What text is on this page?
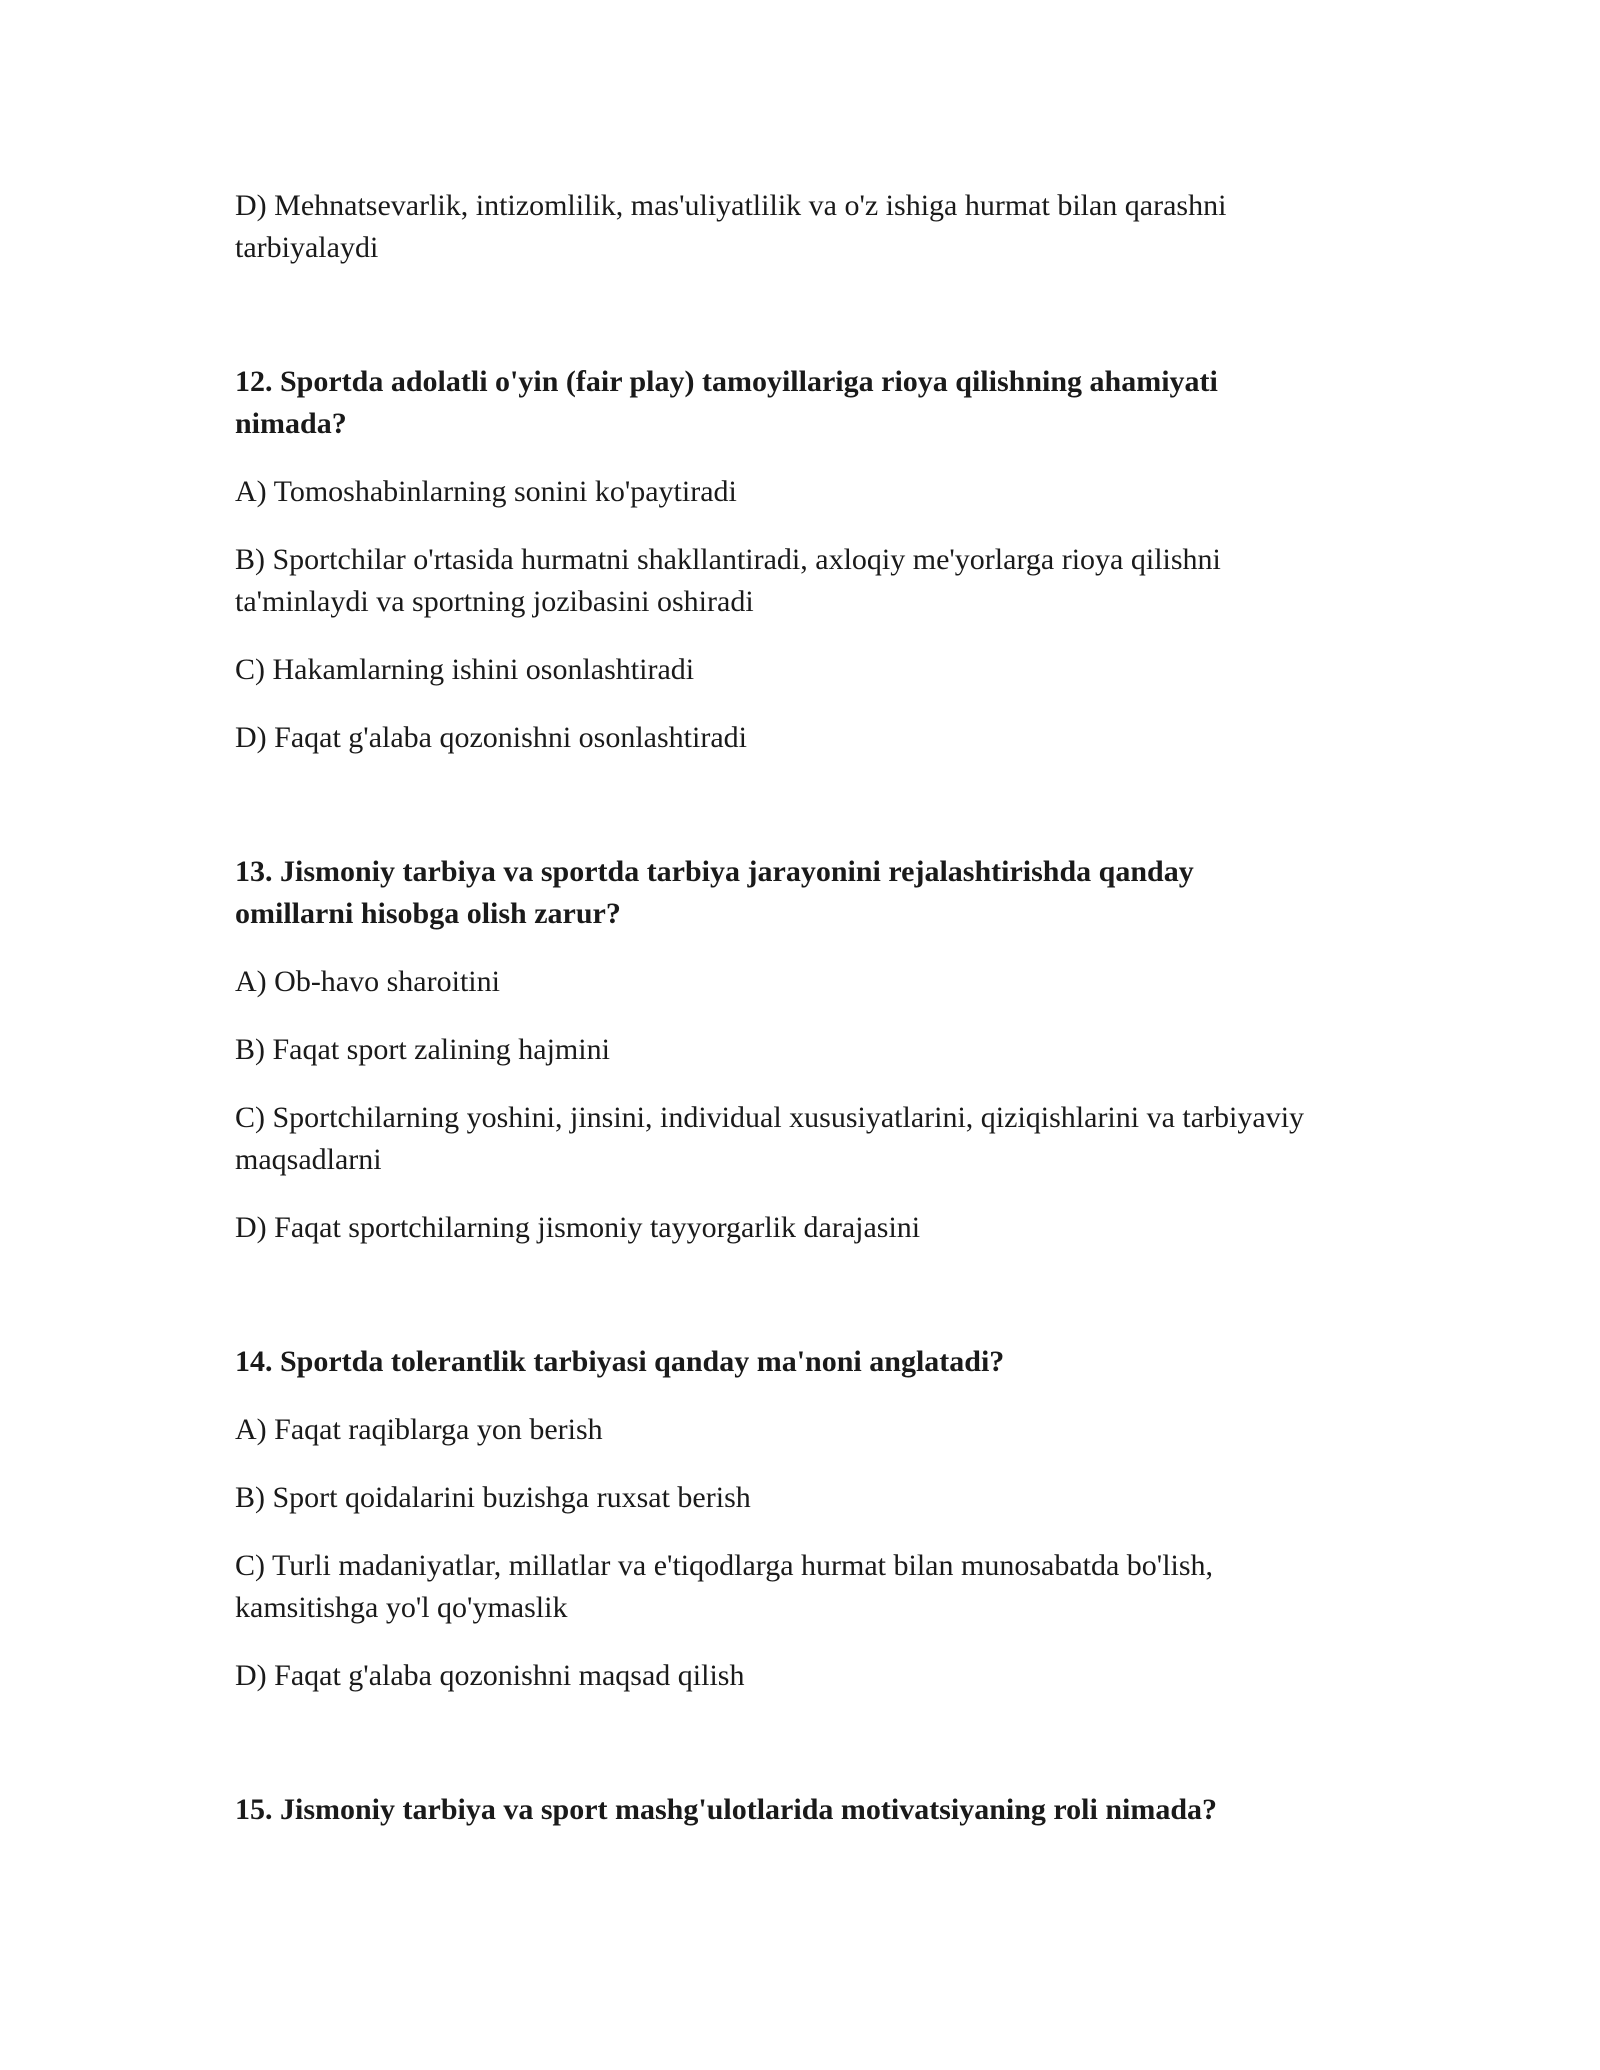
D) Mehnatsevarlik, intizomlilik, mas'uliyatlilik va o'z ishiga hurmat bilan qarashni
tarbiyalaydi
12. Sportda adolatli o'yin (fair play) tamoyillariga rioya qilishning ahamiyati
nimada?
A) Tomoshabinlarning sonini ko'paytiradi
B) Sportchilar o'rtasida hurmatni shakllantiradi, axloqiy me'yorlarga rioya qilishni
ta'minlaydi va sportning jozibasini oshiradi
C) Hakamlarning ishini osonlashtiradi
D) Faqat g'alaba qozonishni osonlashtiradi
13. Jismoniy tarbiya va sportda tarbiya jarayonini rejalashtirishda qanday
omillarni hisobga olish zarur?
A) Ob-havo sharoitini
B) Faqat sport zalining hajmini
C) Sportchilarning yoshini, jinsini, individual xususiyatlarini, qiziqishlarini va tarbiyaviy
maqsadlarni
D) Faqat sportchilarning jismoniy tayyorgarlik darajasini
14. Sportda tolerantlik tarbiyasi qanday ma'noni anglatadi?
A) Faqat raqiblarga yon berish
B) Sport qoidalarini buzishga ruxsat berish
C) Turli madaniyatlar, millatlar va e'tiqodlarga hurmat bilan munosabatda bo'lish,
kamsitishga yo'l qo'ymaslik
D) Faqat g'alaba qozonishni maqsad qilish
15. Jismoniy tarbiya va sport mashg'ulotlarida motivatsiyaning roli nimada?
